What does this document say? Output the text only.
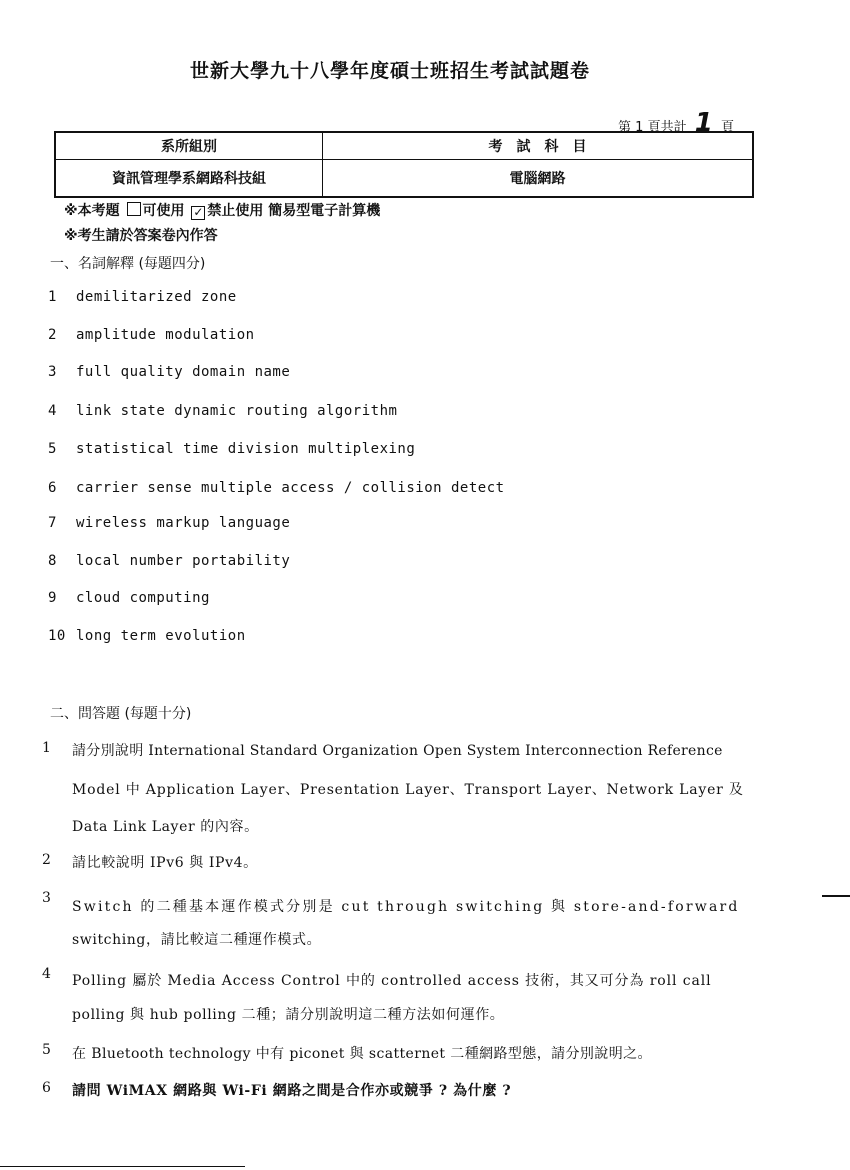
世新大學九十八學年度碩士班招生考試試題卷
第 1 頁共計 1 頁
系所組別	考　試　科　目
資訊管理學系網路科技組	電腦網路
※本考題 可使用 ✓ 禁止使用 簡易型電子計算機
※考生請於答案卷內作答
一、名詞解釋 (每題四分)
1 demilitarized zone
2 amplitude modulation
3 full quality domain name
4 link state dynamic routing algorithm
5 statistical time division multiplexing
6 carrier sense multiple access / collision detect
7 wireless markup language
8 local number portability
9 cloud computing
10 long term evolution
二、問答題 (每題十分)
1 請分別說明 International Standard Organization Open System Interconnection Reference
Model 中 Application Layer、Presentation Layer、Transport Layer、Network Layer 及
Data Link Layer 的內容。
2 請比較說明 IPv6 與 IPv4。
3
Switch 的二種基本運作模式分別是 cut through switching 與 store-and-forward
switching，請比較這二種運作模式。
4 Polling 屬於 Media Access Control 中的 controlled access 技術，其又可分為 roll call
polling 與 hub polling 二種；請分別說明這二種方法如何運作。
5 在 Bluetooth technology 中有 piconet 與 scatternet 二種網路型態，請分別說明之。
6 請問 WiMAX 網路與 Wi-Fi 網路之間是合作亦或競爭 ? 為什麼 ?
